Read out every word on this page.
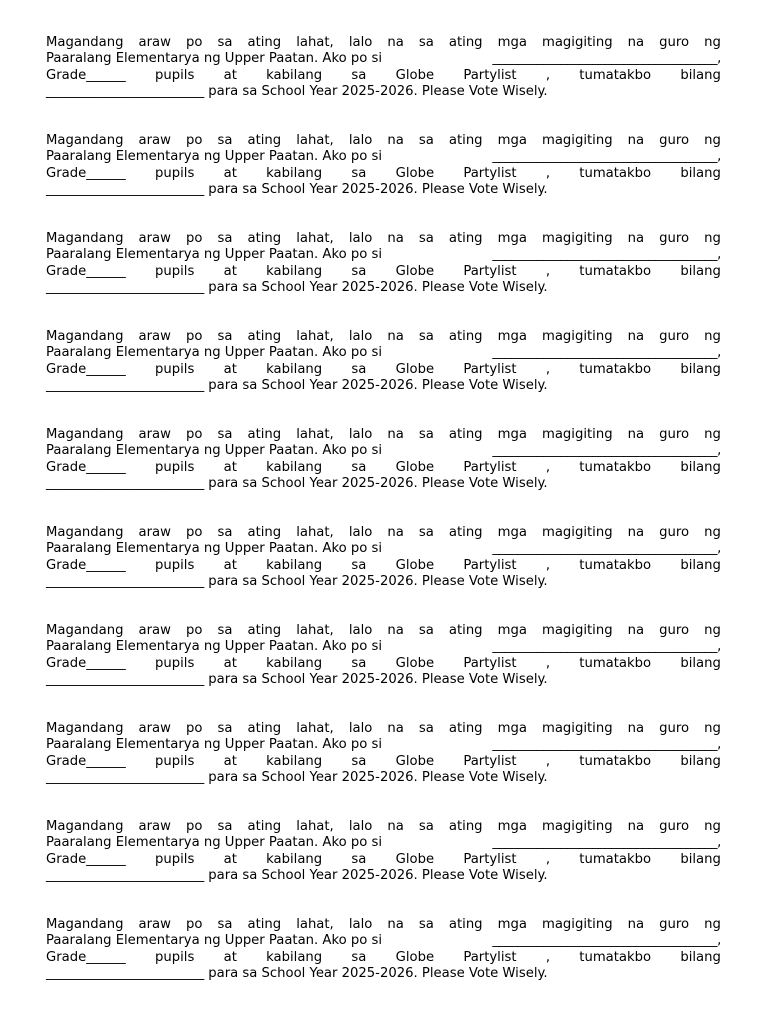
Magandang araw po sa ating lahat, lalo na sa ating mga magigiting na guro ng
Paaralang Elementarya ng Upper Paatan. Ako po si	____________________________________,
Grade______ pupils at kabilang sa Globe Partylist , tumatakbo bilang
________________________ para sa School Year 2025-2026. Please Vote Wisely.
Magandang araw po sa ating lahat, lalo na sa ating mga magigiting na guro ng
Paaralang Elementarya ng Upper Paatan. Ako po si	____________________________________,
Grade______ pupils at kabilang sa Globe Partylist , tumatakbo bilang
________________________ para sa School Year 2025-2026. Please Vote Wisely.
Magandang araw po sa ating lahat, lalo na sa ating mga magigiting na guro ng
Paaralang Elementarya ng Upper Paatan. Ako po si	____________________________________,
Grade______ pupils at kabilang sa Globe Partylist , tumatakbo bilang
________________________ para sa School Year 2025-2026. Please Vote Wisely.
Magandang araw po sa ating lahat, lalo na sa ating mga magigiting na guro ng
Paaralang Elementarya ng Upper Paatan. Ako po si	____________________________________,
Grade______ pupils at kabilang sa Globe Partylist , tumatakbo bilang
________________________ para sa School Year 2025-2026. Please Vote Wisely.
Magandang araw po sa ating lahat, lalo na sa ating mga magigiting na guro ng
Paaralang Elementarya ng Upper Paatan. Ako po si	____________________________________,
Grade______ pupils at kabilang sa Globe Partylist , tumatakbo bilang
________________________ para sa School Year 2025-2026. Please Vote Wisely.
Magandang araw po sa ating lahat, lalo na sa ating mga magigiting na guro ng
Paaralang Elementarya ng Upper Paatan. Ako po si	____________________________________,
Grade______ pupils at kabilang sa Globe Partylist , tumatakbo bilang
________________________ para sa School Year 2025-2026. Please Vote Wisely.
Magandang araw po sa ating lahat, lalo na sa ating mga magigiting na guro ng
Paaralang Elementarya ng Upper Paatan. Ako po si	____________________________________,
Grade______ pupils at kabilang sa Globe Partylist , tumatakbo bilang
________________________ para sa School Year 2025-2026. Please Vote Wisely.
Magandang araw po sa ating lahat, lalo na sa ating mga magigiting na guro ng
Paaralang Elementarya ng Upper Paatan. Ako po si	____________________________________,
Grade______ pupils at kabilang sa Globe Partylist , tumatakbo bilang
________________________ para sa School Year 2025-2026. Please Vote Wisely.
Magandang araw po sa ating lahat, lalo na sa ating mga magigiting na guro ng
Paaralang Elementarya ng Upper Paatan. Ako po si	____________________________________,
Grade______ pupils at kabilang sa Globe Partylist , tumatakbo bilang
________________________ para sa School Year 2025-2026. Please Vote Wisely.
Magandang araw po sa ating lahat, lalo na sa ating mga magigiting na guro ng
Paaralang Elementarya ng Upper Paatan. Ako po si	____________________________________,
Grade______ pupils at kabilang sa Globe Partylist , tumatakbo bilang
________________________ para sa School Year 2025-2026. Please Vote Wisely.
